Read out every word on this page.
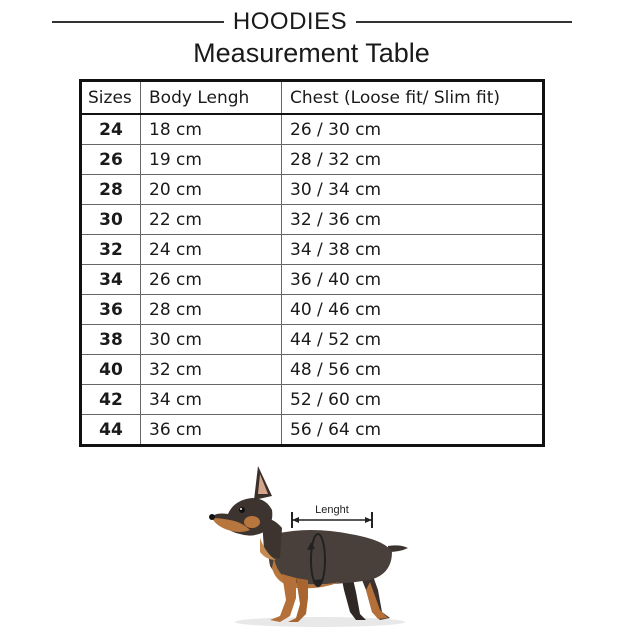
HOODIES
Measurement Table
Sizes	Body Lengh	Chest (Loose fit/ Slim fit)
24	18 cm	26 / 30 cm
26	19 cm	28 / 32 cm
28	20 cm	30 / 34 cm
30	22 cm	32 / 36 cm
32	24 cm	34 / 38 cm
34	26 cm	36 / 40 cm
36	28 cm	40 / 46 cm
38	30 cm	44 / 52 cm
40	32 cm	48 / 56 cm
42	34 cm	52 / 60 cm
44	36 cm	56 / 64 cm
Lenght
